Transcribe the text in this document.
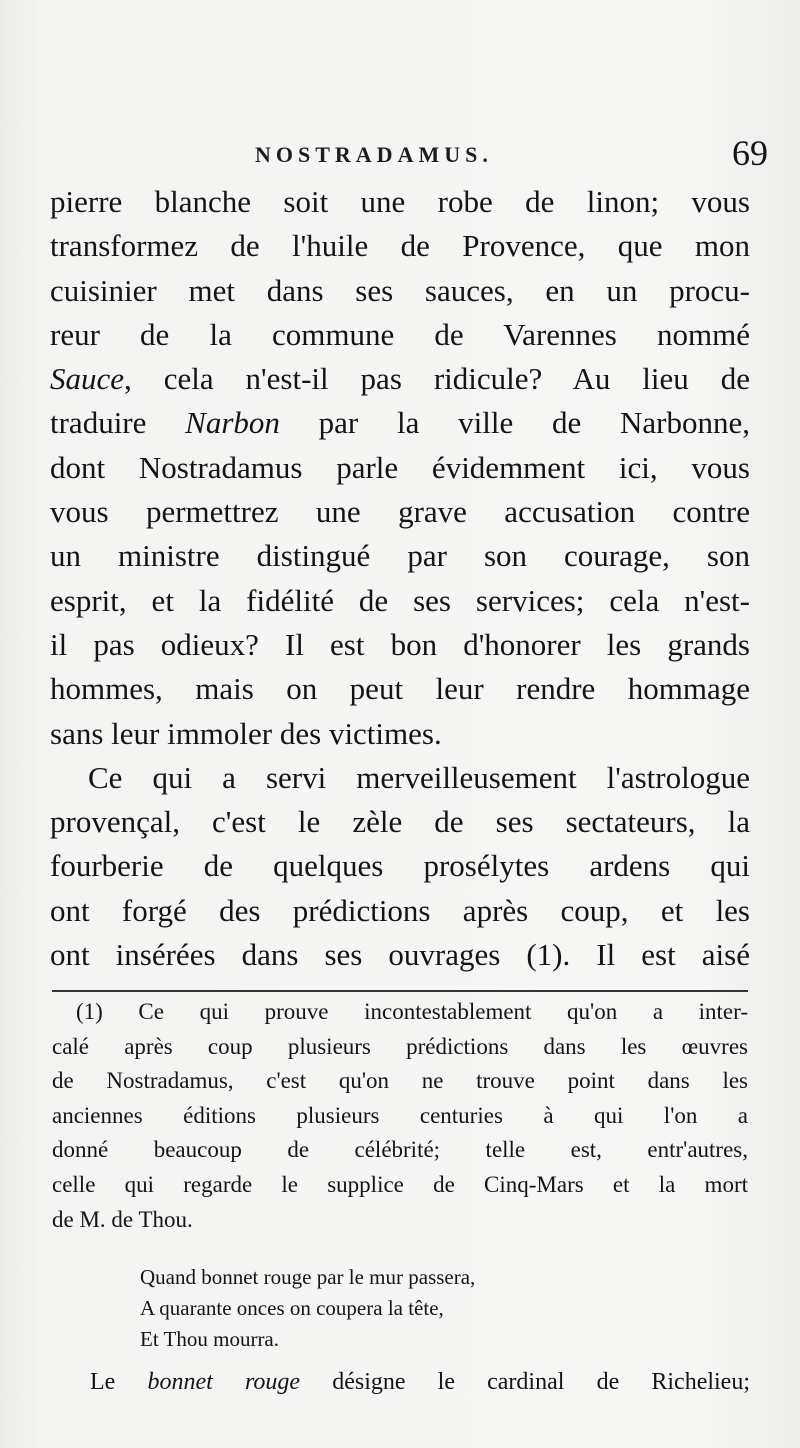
NOSTRADAMUS.	69
pierre blanche soit une robe de linon; vous
transformez de l'huile de Provence, que mon
cuisinier met dans ses sauces, en un procu-
reur de la commune de Varennes nommé
Sauce, cela n'est-il pas ridicule? Au lieu de
traduire Narbon par la ville de Narbonne,
dont Nostradamus parle évidemment ici, vous
vous permettrez une grave accusation contre
un ministre distingué par son courage, son
esprit, et la fidélité de ses services; cela n'est-
il pas odieux? Il est bon d'honorer les grands
hommes, mais on peut leur rendre hommage
sans leur immoler des victimes.
Ce qui a servi merveilleusement l'astrologue
provençal, c'est le zèle de ses sectateurs, la
fourberie de quelques prosélytes ardens qui
ont forgé des prédictions après coup, et les
ont insérées dans ses ouvrages (1). Il est aisé
(1) Ce qui prouve incontestablement qu'on a inter-
calé après coup plusieurs prédictions dans les œuvres
de Nostradamus, c'est qu'on ne trouve point dans les
anciennes éditions plusieurs centuries à qui l'on a
donné beaucoup de célébrité; telle est, entr'autres,
celle qui regarde le supplice de Cinq-Mars et la mort
de M. de Thou.
Quand bonnet rouge par le mur passera,
A quarante onces on coupera la tête,
Et Thou mourra.
Le bonnet rouge désigne le cardinal de Richelieu;
